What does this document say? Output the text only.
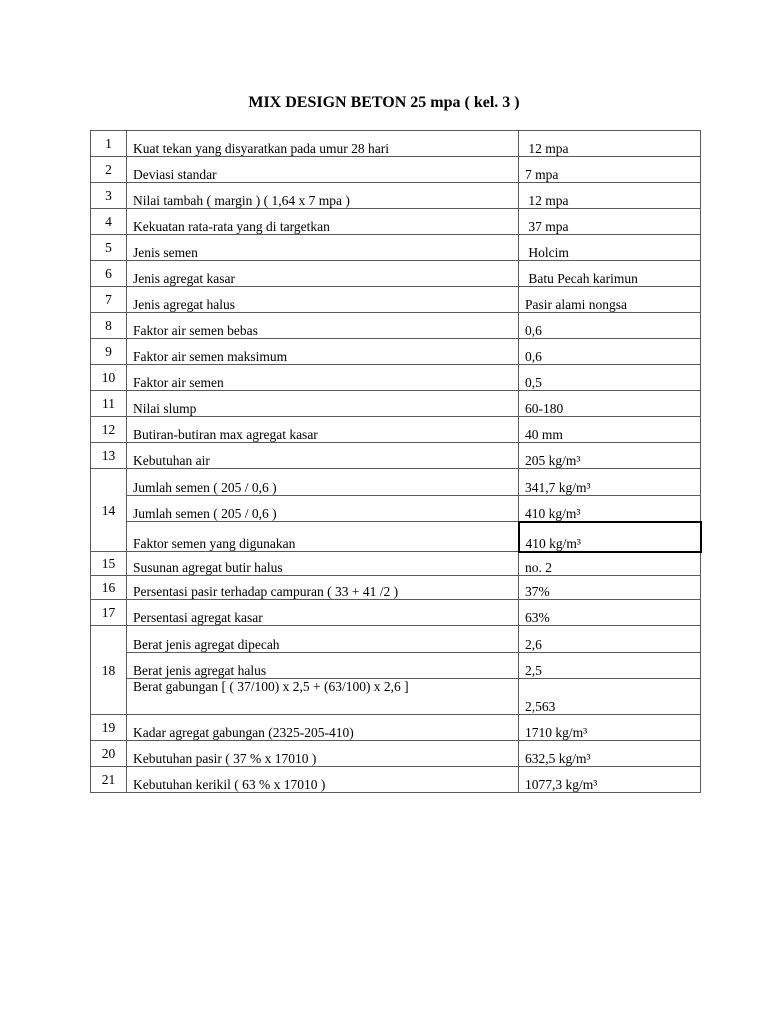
MIX DESIGN BETON 25 mpa ( kel. 3 )
1	Kuat tekan yang disyaratkan pada umur 28 hari	12 mpa
2	Deviasi standar	7 mpa
3	Nilai tambah ( margin ) ( 1,64 x 7 mpa )	12 mpa
4	Kekuatan rata-rata yang di targetkan	37 mpa
5	Jenis semen	Holcim
6	Jenis agregat kasar	Batu Pecah karimun
7	Jenis agregat halus	Pasir alami nongsa
8	Faktor air semen bebas	0,6
9	Faktor air semen maksimum	0,6
10	Faktor air semen	0,5
11	Nilai slump	60-180
12	Butiran-butiran max agregat kasar	40 mm
13	Kebutuhan air	205 kg/m³
14	Jumlah semen ( 205 / 0,6 )	341,7 kg/m³
	Jumlah semen ( 205 / 0,6 )	410 kg/m³
	Faktor semen yang digunakan	410 kg/m³
15	Susunan agregat butir halus	no. 2
16	Persentasi pasir terhadap campuran ( 33 + 41 /2 )	37%
17	Persentasi agregat kasar	63%
18	Berat jenis agregat dipecah	2,6
	Berat jenis agregat halus	2,5
	Berat gabungan [ ( 37/100) x 2,5 + (63/100) x 2,6 ]	2,563
19	Kadar agregat gabungan (2325-205-410)	1710 kg/m³
20	Kebutuhan pasir ( 37 % x 17010 )	632,5 kg/m³
21	Kebutuhan kerikil ( 63 % x 17010 )	1077,3 kg/m³
